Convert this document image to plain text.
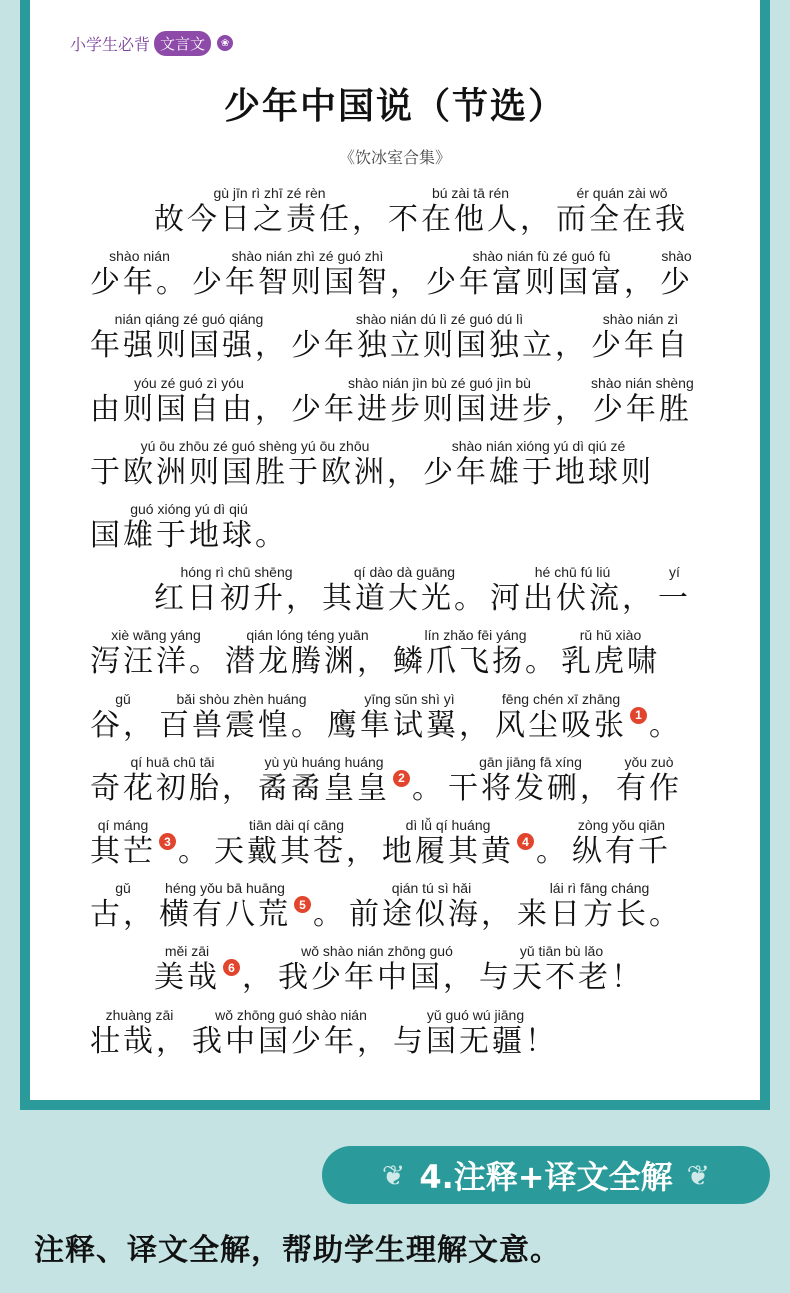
小学生必背 文言文	❀
少年中国说（节选）
《饮冰室合集》
gù jīn rì zhī zé rèn
故今日之责任，
bú zài tā rén
不在他人，
ér quán zài wǒ
而全在我
shào nián
少年。
shào nián zhì zé guó zhì
少年智则国智，
shào nián fù zé guó fù
少年富则国富，
shào
少
nián qiáng zé guó qiáng
年强则国强，
shào nián dú lì zé guó dú lì
少年独立则国独立，
shào nián zì
少年自
yóu zé guó zì yóu
由则国自由，
shào nián jìn bù zé guó jìn bù
少年进步则国进步，
shào nián shèng
少年胜
yú ōu zhōu zé guó shèng yú ōu zhōu
于欧洲则国胜于欧洲，
shào nián xióng yú dì qiú zé
少年雄于地球则
guó xióng yú dì qiú
国雄于地球。
hóng rì chū shēng
红日初升，
qí dào dà guāng
其道大光。
hé chū fú liú
河出伏流，
yí
一
xiè wāng yáng
泻汪洋。
qián lóng téng yuān
潜龙腾渊，
lín zhǎo fēi yáng
鳞爪飞扬。
rǔ hǔ xiào
乳虎啸
gǔ
谷，
bǎi shòu zhèn huáng
百兽震惶。
yīng sǔn shì yì
鹰隼试翼，
fēng chén xī zhāng
风尘吸张 1 。
qí huā chū tāi
奇花初胎，
yù yù huáng huáng
矞矞皇皇 2 。
gān jiāng fā xíng
干将发硎，
yǒu zuò
有作
qí máng
其芒 3 。
tiān dài qí cāng
天戴其苍，
dì lǚ qí huáng
地履其黄 4 。
zòng yǒu qiān
纵有千
gǔ
古，
héng yǒu bā huāng
横有八荒 5 。
qián tú sì hǎi
前途似海，
lái rì fāng cháng
来日方长。
měi zāi
美哉 6 ，
wǒ shào nián zhōng guó
我少年中国，
yǔ tiān bù lǎo
与天不老！
zhuàng zāi
壮哉，
wǒ zhōng guó shào nián
我中国少年，
yǔ guó wú jiāng
与国无疆！
❦ 4.注释+译文全解 ❦
注释、译文全解，帮助学生理解文意。
